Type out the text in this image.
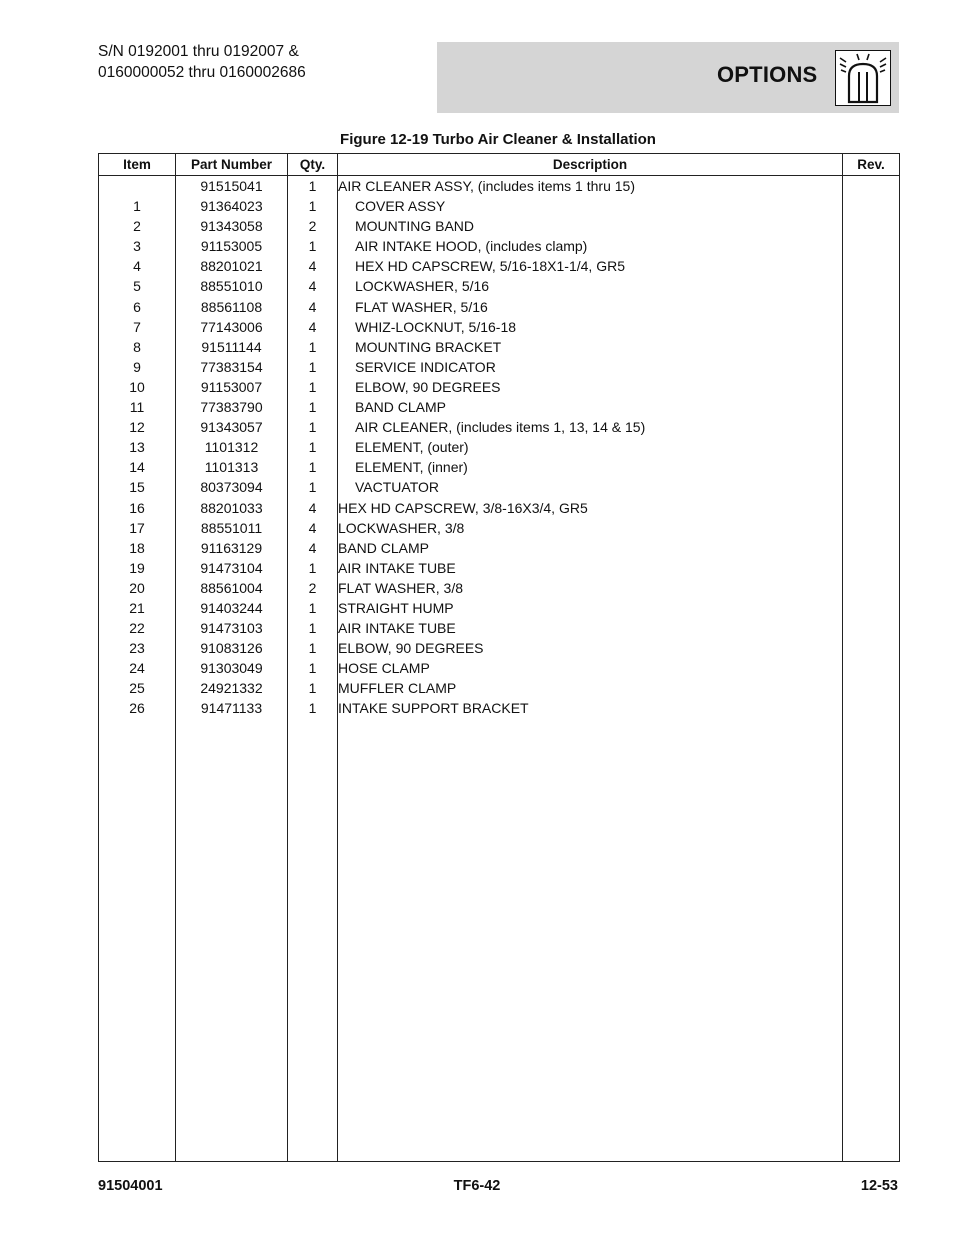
S/N 0192001 thru 0192007 &
0160000052 thru 0160002686	OPTIONS
Figure 12-19 Turbo Air Cleaner & Installation
Item	Part Number	Qty.	Description	Rev.
	91515041	1	AIR CLEANER ASSY, (includes items 1 thru 15)	
1	91364023	1	COVER ASSY	
2	91343058	2	MOUNTING BAND	
3	91153005	1	AIR INTAKE HOOD, (includes clamp)	
4	88201021	4	HEX HD CAPSCREW, 5/16-18X1-1/4, GR5	
5	88551010	4	LOCKWASHER, 5/16	
6	88561108	4	FLAT WASHER, 5/16	
7	77143006	4	WHIZ-LOCKNUT, 5/16-18	
8	91511144	1	MOUNTING BRACKET	
9	77383154	1	SERVICE INDICATOR	
10	91153007	1	ELBOW, 90 DEGREES	
11	77383790	1	BAND CLAMP	
12	91343057	1	AIR CLEANER, (includes items 1, 13, 14 & 15)	
13	1101312	1	ELEMENT, (outer)	
14	1101313	1	ELEMENT, (inner)	
15	80373094	1	VACTUATOR	
16	88201033	4	HEX HD CAPSCREW, 3/8-16X3/4, GR5	
17	88551011	4	LOCKWASHER, 3/8	
18	91163129	4	BAND CLAMP	
19	91473104	1	AIR INTAKE TUBE	
20	88561004	2	FLAT WASHER, 3/8	
21	91403244	1	STRAIGHT HUMP	
22	91473103	1	AIR INTAKE TUBE	
23	91083126	1	ELBOW, 90 DEGREES	
24	91303049	1	HOSE CLAMP	
25	24921332	1	MUFFLER CLAMP	
26	91471133	1	INTAKE SUPPORT BRACKET	

91504001	TF6-42	12-53
